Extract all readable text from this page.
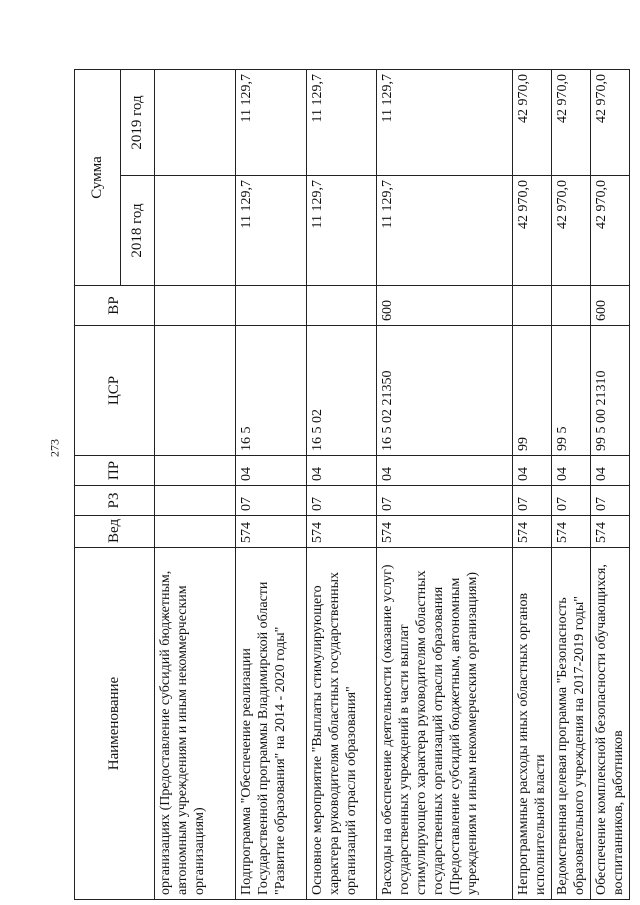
273
Наименование	Вед	РЗ	ПР	ЦСР	ВР	Сумма	
						2018 год	2019 год
организациях (Предоставление субсидий бюджетным, автономным учреждениям и иным некоммерческим организациям)							
Подпрограмма "Обеспечение реализации Государственной программы Владимирской области "Развитие образования" на 2014 - 2020 годы"	574	07	04	16 5		11 129,7	11 129,7
Основное мероприятие "Выплаты стимулирующего характера руководителям областных государственных организаций отрасли образования"	574	07	04	16 5 02		11 129,7	11 129,7
Расходы на обеспечение деятельности (оказание услуг) государственных учреждений в части выплат стимулирующего характера руководителям областных государственных организаций отрасли образования (Предоставление субсидий бюджетным, автономным учреждениям и иным некоммерческим организациям)	574	07	04	16 5 02 21350	600	11 129,7	11 129,7
Непрограммные расходы иных областных органов исполнительной власти	574	07	04	99		42 970,0	42 970,0
Ведомственная целевая программа "Безопасность образовательного учреждения на 2017-2019 годы"	574	07	04	99 5		42 970,0	42 970,0
Обеспечение комплексной безопасности обучающихся, воспитанников, работников	574	07	04	99 5 00 21310	600	42 970,0	42 970,0
